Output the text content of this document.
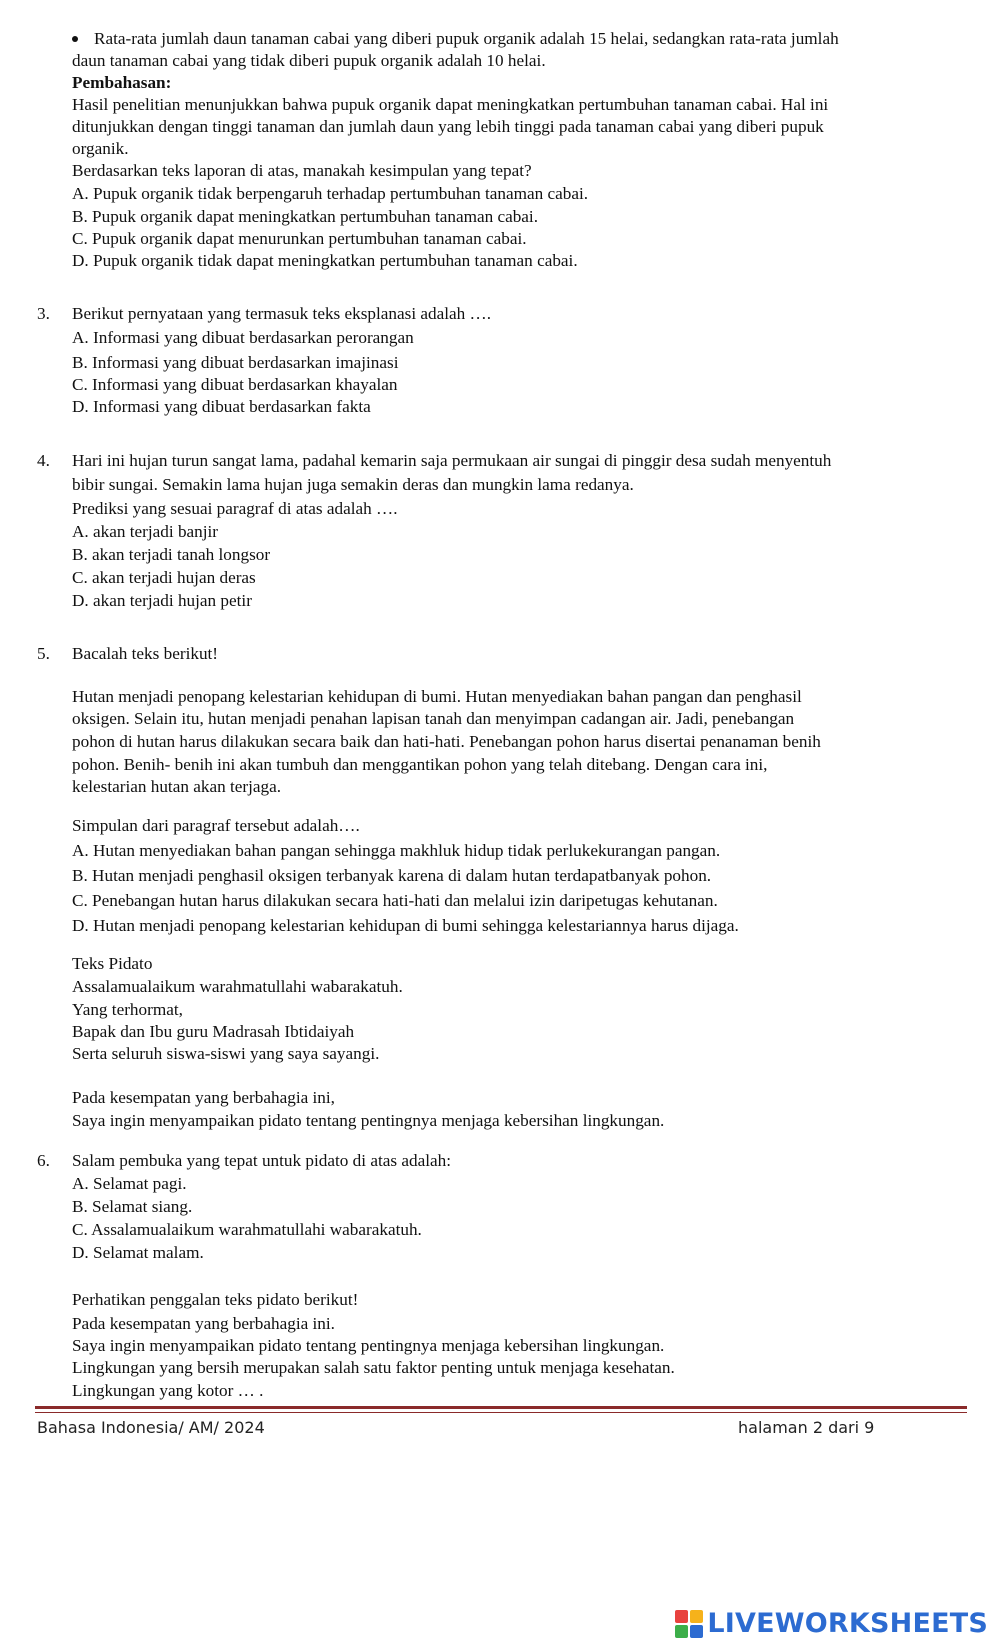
Rata-rata jumlah daun tanaman cabai yang diberi pupuk organik adalah 15 helai, sedangkan rata-rata jumlah
daun tanaman cabai yang tidak diberi pupuk organik adalah 10 helai.
Pembahasan:
Hasil penelitian menunjukkan bahwa pupuk organik dapat meningkatkan pertumbuhan tanaman cabai. Hal ini
ditunjukkan dengan tinggi tanaman dan jumlah daun yang lebih tinggi pada tanaman cabai yang diberi pupuk
organik.
Berdasarkan teks laporan di atas, manakah kesimpulan yang tepat?
A. Pupuk organik tidak berpengaruh terhadap pertumbuhan tanaman cabai.
B. Pupuk organik dapat meningkatkan pertumbuhan tanaman cabai.
C. Pupuk organik dapat menurunkan pertumbuhan tanaman cabai.
D. Pupuk organik tidak dapat meningkatkan pertumbuhan tanaman cabai.
3. Berikut pernyataan yang termasuk teks eksplanasi adalah ….
A. Informasi yang dibuat berdasarkan perorangan
B. Informasi yang dibuat berdasarkan imajinasi
C. Informasi yang dibuat berdasarkan khayalan
D. Informasi yang dibuat berdasarkan fakta
4. Hari ini hujan turun sangat lama, padahal kemarin saja permukaan air sungai di pinggir desa sudah menyentuh
bibir sungai. Semakin lama hujan juga semakin deras dan mungkin lama redanya.
Prediksi yang sesuai paragraf di atas adalah ….
A. akan terjadi banjir
B. akan terjadi tanah longsor
C. akan terjadi hujan deras
D. akan terjadi hujan petir
5. Bacalah teks berikut!
Hutan menjadi penopang kelestarian kehidupan di bumi. Hutan menyediakan bahan pangan dan penghasil
oksigen. Selain itu, hutan menjadi penahan lapisan tanah dan menyimpan cadangan air. Jadi, penebangan
pohon di hutan harus dilakukan secara baik dan hati-hati. Penebangan pohon harus disertai penanaman benih
pohon. Benih- benih ini akan tumbuh dan menggantikan pohon yang telah ditebang. Dengan cara ini,
kelestarian hutan akan terjaga.
Simpulan dari paragraf tersebut adalah….
A. Hutan menyediakan bahan pangan sehingga makhluk hidup tidak perlukekurangan pangan.
B. Hutan menjadi penghasil oksigen terbanyak karena di dalam hutan terdapatbanyak pohon.
C. Penebangan hutan harus dilakukan secara hati-hati dan melalui izin daripetugas kehutanan.
D. Hutan menjadi penopang kelestarian kehidupan di bumi sehingga kelestariannya harus dijaga.
Teks Pidato
Assalamualaikum warahmatullahi wabarakatuh.
Yang terhormat,
Bapak dan Ibu guru Madrasah Ibtidaiyah
Serta seluruh siswa-siswi yang saya sayangi.
Pada kesempatan yang berbahagia ini,
Saya ingin menyampaikan pidato tentang pentingnya menjaga kebersihan lingkungan.
6. Salam pembuka yang tepat untuk pidato di atas adalah:
A. Selamat pagi.
B. Selamat siang.
C. Assalamualaikum warahmatullahi wabarakatuh.
D. Selamat malam.
Perhatikan penggalan teks pidato berikut!
Pada kesempatan yang berbahagia ini.
Saya ingin menyampaikan pidato tentang pentingnya menjaga kebersihan lingkungan.
Lingkungan yang bersih merupakan salah satu faktor penting untuk menjaga kesehatan.
Lingkungan yang kotor … .
Bahasa Indonesia/ AM/ 2024	halaman 2 dari 9
LIVEWORKSHEETS
